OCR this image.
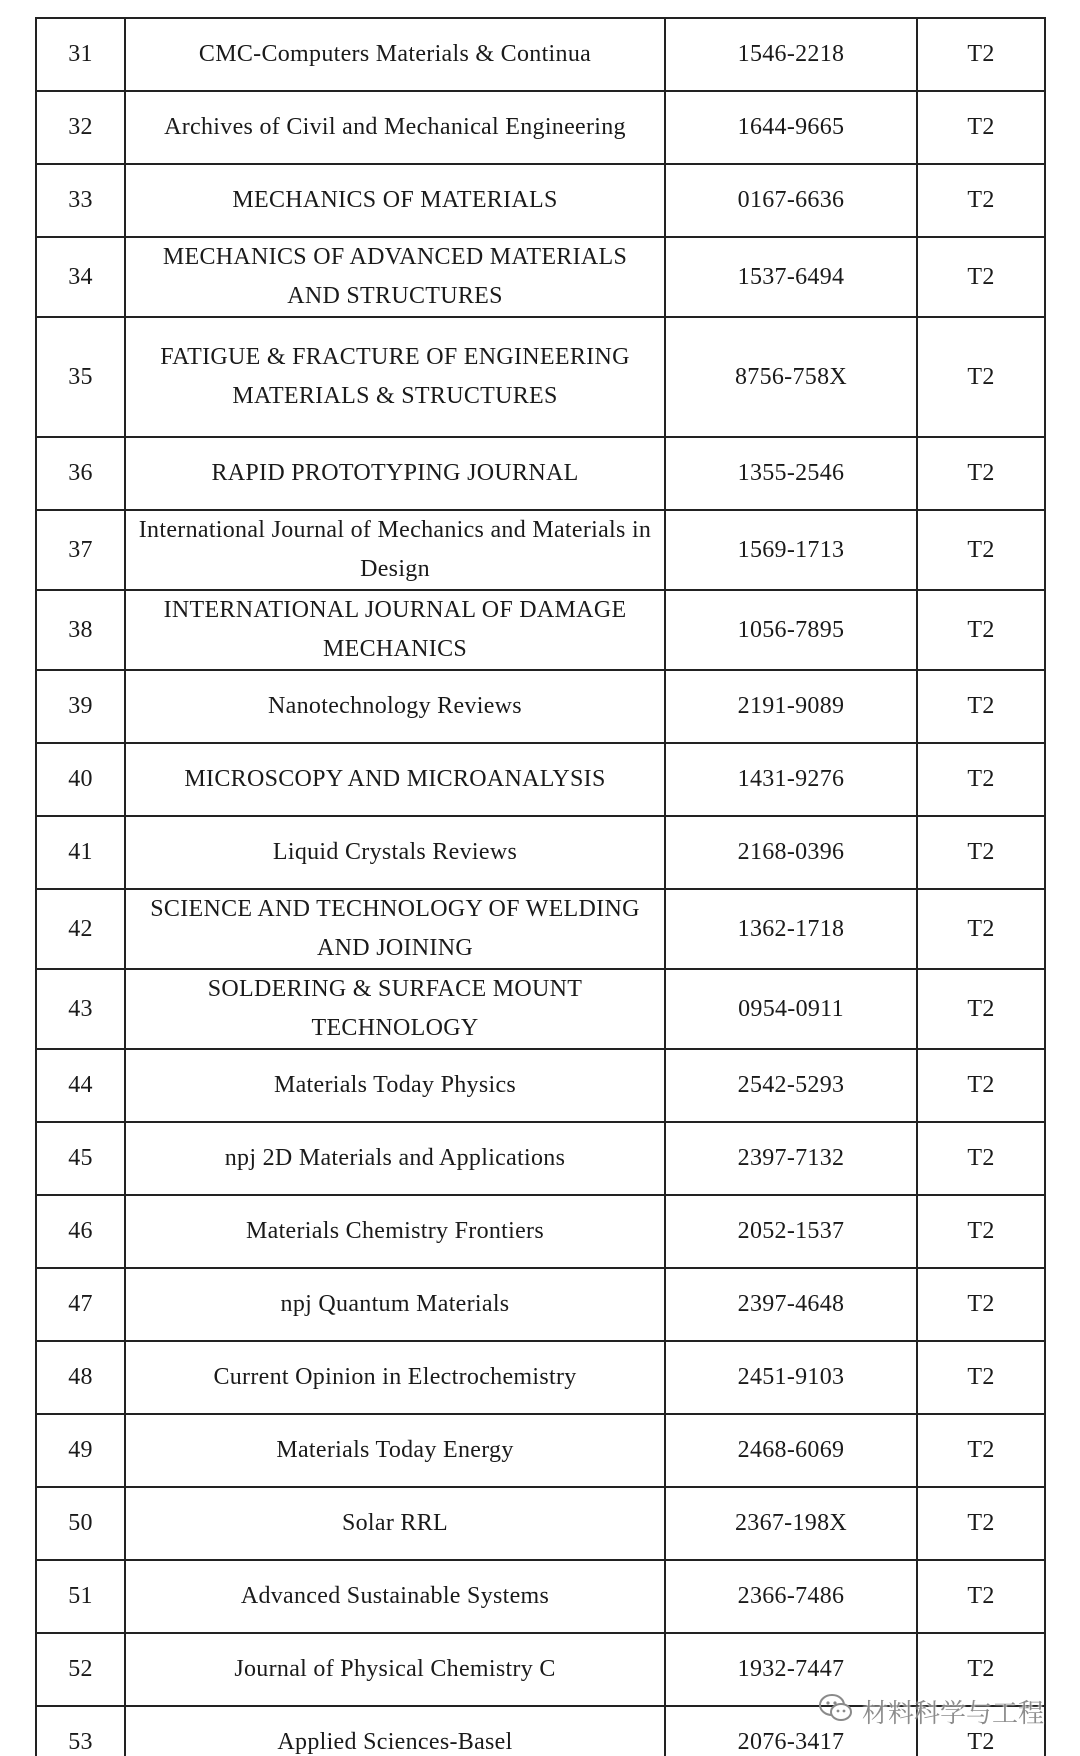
31	CMC-Computers Materials & Continua	1546-2218	T2
32	Archives of Civil and Mechanical Engineering	1644-9665	T2
33	MECHANICS OF MATERIALS	0167-6636	T2
34	MECHANICS OF ADVANCED MATERIALS AND STRUCTURES	1537-6494	T2
35	FATIGUE & FRACTURE OF ENGINEERING MATERIALS & STRUCTURES	8756-758X	T2
36	RAPID PROTOTYPING JOURNAL	1355-2546	T2
37	International Journal of Mechanics and Materials in Design	1569-1713	T2
38	INTERNATIONAL JOURNAL OF DAMAGE MECHANICS	1056-7895	T2
39	Nanotechnology Reviews	2191-9089	T2
40	MICROSCOPY AND MICROANALYSIS	1431-9276	T2
41	Liquid Crystals Reviews	2168-0396	T2
42	SCIENCE AND TECHNOLOGY OF WELDING AND JOINING	1362-1718	T2
43	SOLDERING & SURFACE MOUNT TECHNOLOGY	0954-0911	T2
44	Materials Today Physics	2542-5293	T2
45	npj 2D Materials and Applications	2397-7132	T2
46	Materials Chemistry Frontiers	2052-1537	T2
47	npj Quantum Materials	2397-4648	T2
48	Current Opinion in Electrochemistry	2451-9103	T2
49	Materials Today Energy	2468-6069	T2
50	Solar RRL	2367-198X	T2
51	Advanced Sustainable Systems	2366-7486	T2
52	Journal of Physical Chemistry C	1932-7447	T2
53	Applied Sciences-Basel	2076-3417	T2
材料科学与工程
